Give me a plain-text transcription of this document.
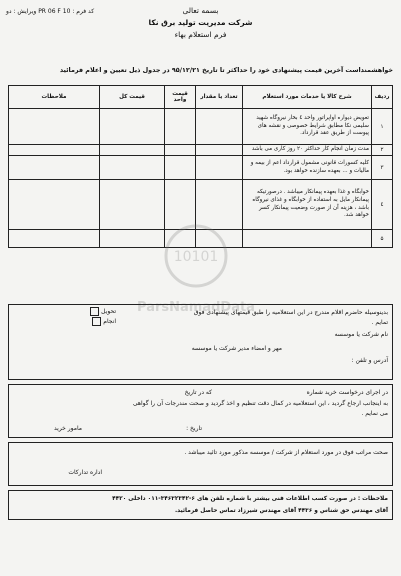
کد فرم : PR 06 F 10 ویرایش : دو	بسمه تعالی
شرکت مدیریت تولید برق نکا
فرم استعلام بهاء
خواهشمنداست آخرین قیمت پیشنهادی خود را حداکثر تا تاریخ ۹۵/۱۲/۲۱ در جدول ذیل تعیین و اعلام فرمائید
ردیف	شرح کالا یا خدمات مورد استعلام	تعداد یا مقدار	قیمت واحد	قیمت کل	ملاحظات
۱	تعویض دیواره اواپراتور واحد ٤ بخار نیروگاه شهید سلیمی نکا مطابق شرایط خصوصی و نقشه های پیوست از طریق عقد قرارداد.				
۲	مدت زمان انجام کار حداکثر ۲۰ روز کاری می باشد				
۳	کلیه کسورات قانونی مشمول قرارداد اعم از بیمه و مالیات و ... بعهده سازنده خواهد بود.				
٤	خوابگاه و غذا بعهده پیمانکار میباشد . درصورتیکه پیمانکار مایل به استفاده از خوابگاه و غذای نیروگاه باشد ، هزینه آن از صورت وضعیت پیمانکار کسر خواهد شد.				
۵					
10101
ParsNamadData
بدینوسیله حاضرم اقلام مندرج در این استعلامیه را طبق قیمتهای پیشنهادی فوق
تمایم .
تحویل
انجام
نام شرکت یا موسسه
مهر و امضاء مدیر شرکت یا موسسه
آدرس و تلفن :
در اجرای درخواست خرید شماره
که در تاریخ
به اینجانب ارجاع گردید ، این استعلامیه در کمال دقت تنظیم و اخذ گردید و صحت مندرجات آن را گواهی
می نمایم .
تاریخ :
مامور خرید
صحت مراتب فوق در مورد استعلام از شرکت / موسسه مذکور مورد تائید میباشد .
اداره تدارکات
ملاحظات : در صورت کسب اطلاعات فنی بیشتر با شماره تلفن های ۶-۳۴۶۳۲۳۴۲-۰۱۱ داخلی ۴۴۲۰
آقای مهندس حق شناس و ۴۴۳۶ آقای مهندس شیرزاد تماس حاصل فرمائید.
